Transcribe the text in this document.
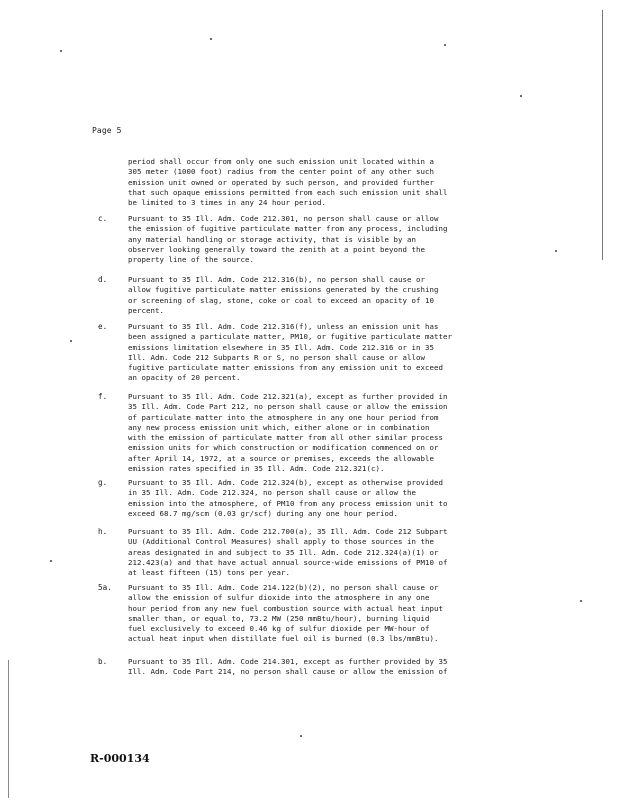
Page 5
period shall occur from only one such emission unit located within a
305 meter (1000 foot) radius from the center point of any other such
emission unit owned or operated by such person, and provided further
that such opaque emissions permitted from each such emission unit shall
be limited to 3 times in any 24 hour period.
c.	Pursuant to 35 Ill. Adm. Code 212.301, no person shall cause or allow
the emission of fugitive particulate matter from any process, including
any material handling or storage activity, that is visible by an
observer looking generally toward the zenith at a point beyond the
property line of the source.
d.	Pursuant to 35 Ill. Adm. Code 212.316(b), no person shall cause or
allow fugitive particulate matter emissions generated by the crushing
or screening of slag, stone, coke or coal to exceed an opacity of 10
percent.
e.	Pursuant to 35 Ill. Adm. Code 212.316(f), unless an emission unit has
been assigned a particulate matter, PM10, or fugitive particulate matter
emissions limitation elsewhere in 35 Ill. Adm. Code 212.316 or in 35
Ill. Adm. Code 212 Subparts R or S, no person shall cause or allow
fugitive particulate matter emissions from any emission unit to exceed
an opacity of 20 percent.
f.	Pursuant to 35 Ill. Adm. Code 212.321(a), except as further provided in
35 Ill. Adm. Code Part 212, no person shall cause or allow the emission
of particulate matter into the atmosphere in any one hour period from
any new process emission unit which, either alone or in combination
with the emission of particulate matter from all other similar process
emission units for which construction or modification commenced on or
after April 14, 1972, at a source or premises, exceeds the allowable
emission rates specified in 35 Ill. Adm. Code 212.321(c).
g.	Pursuant to 35 Ill. Adm. Code 212.324(b), except as otherwise provided
in 35 Ill. Adm. Code 212.324, no person shall cause or allow the
emission into the atmosphere, of PM10 from any process emission unit to
exceed 68.7 mg/scm (0.03 gr/scf) during any one hour period.
h.	Pursuant to 35 Ill. Adm. Code 212.700(a), 35 Ill. Adm. Code 212 Subpart
UU (Additional Control Measures) shall apply to those sources in the
areas designated in and subject to 35 Ill. Adm. Code 212.324(a)(1) or
212.423(a) and that have actual annual source-wide emissions of PM10 of
at least fifteen (15) tons per year.
5a.	Pursuant to 35 Ill. Adm. Code 214.122(b)(2), no person shall cause or
allow the emission of sulfur dioxide into the atmosphere in any one
hour period from any new fuel combustion source with actual heat input
smaller than, or equal to, 73.2 MW (250 mmBtu/hour), burning liquid
fuel exclusively to exceed 0.46 kg of sulfur dioxide per MW-hour of
actual heat input when distillate fuel oil is burned (0.3 lbs/mmBtu).
b.	Pursuant to 35 Ill. Adm. Code 214.301, except as further provided by 35
Ill. Adm. Code Part 214, no person shall cause or allow the emission of
R-000134
